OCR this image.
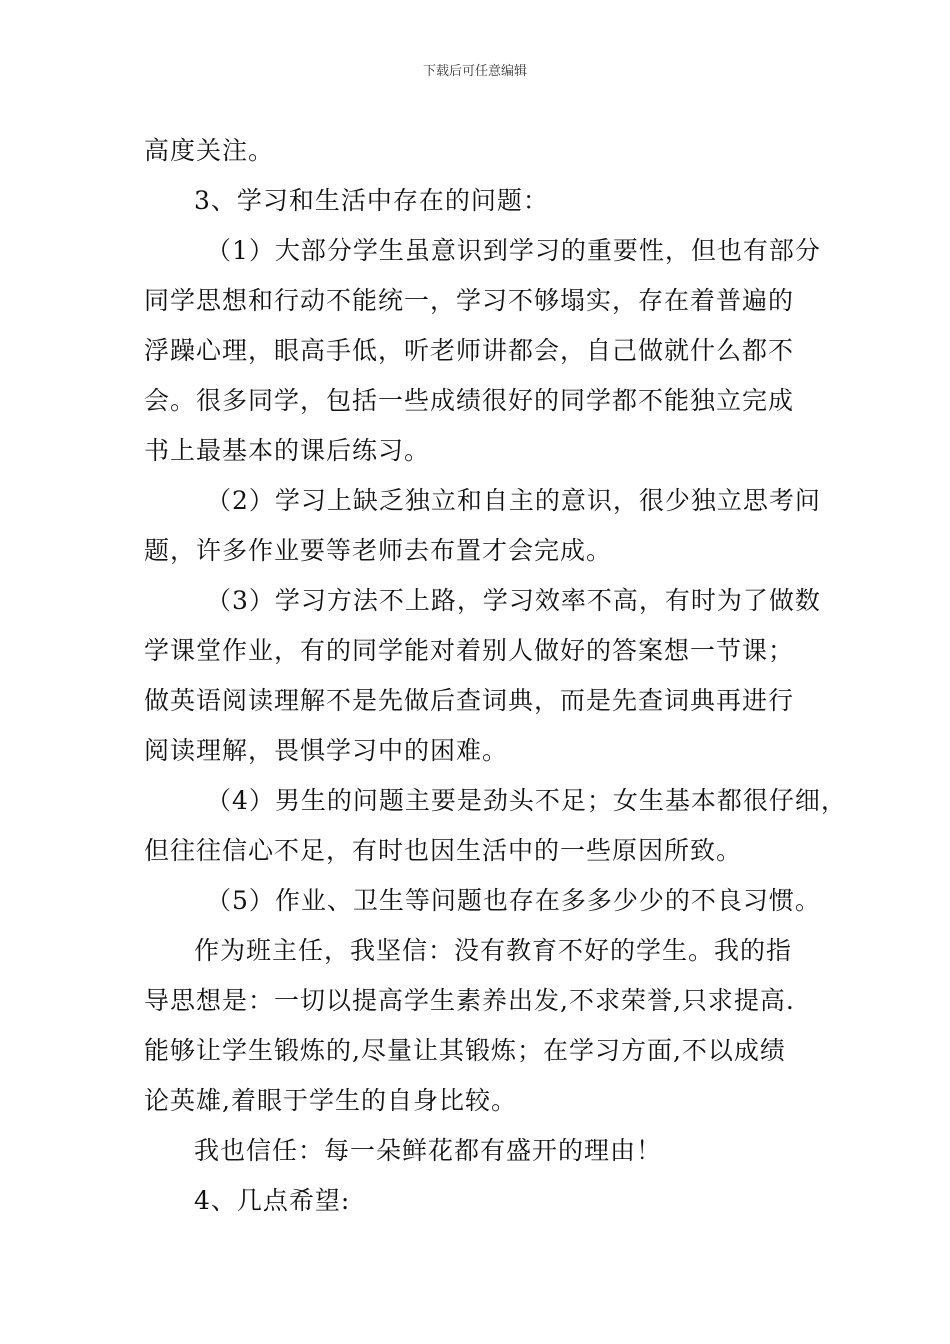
下载后可任意编辑
高度关注。
3、学习和生活中存在的问题：
（1）大部分学生虽意识到学习的重要性，但也有部分
同学思想和行动不能统一，学习不够塌实，存在着普遍的
浮躁心理，眼高手低，听老师讲都会，自己做就什么都不
会。很多同学，包括一些成绩很好的同学都不能独立完成
书上最基本的课后练习。
（2）学习上缺乏独立和自主的意识，很少独立思考问
题，许多作业要等老师去布置才会完成。
（3）学习方法不上路，学习效率不高，有时为了做数
学课堂作业，有的同学能对着别人做好的答案想一节课；
做英语阅读理解不是先做后查词典，而是先查词典再进行
阅读理解，畏惧学习中的困难。
（4）男生的问题主要是劲头不足；女生基本都很仔细，
但往往信心不足，有时也因生活中的一些原因所致。
（5）作业、卫生等问题也存在多多少少的不良习惯。
作为班主任，我坚信：没有教育不好的学生。我的指
导思想是：一切以提高学生素养出发,不求荣誉,只求提高.
能够让学生锻炼的,尽量让其锻炼；在学习方面,不以成绩
论英雄,着眼于学生的自身比较。
我也信任：每一朵鲜花都有盛开的理由！
4、几点希望:
